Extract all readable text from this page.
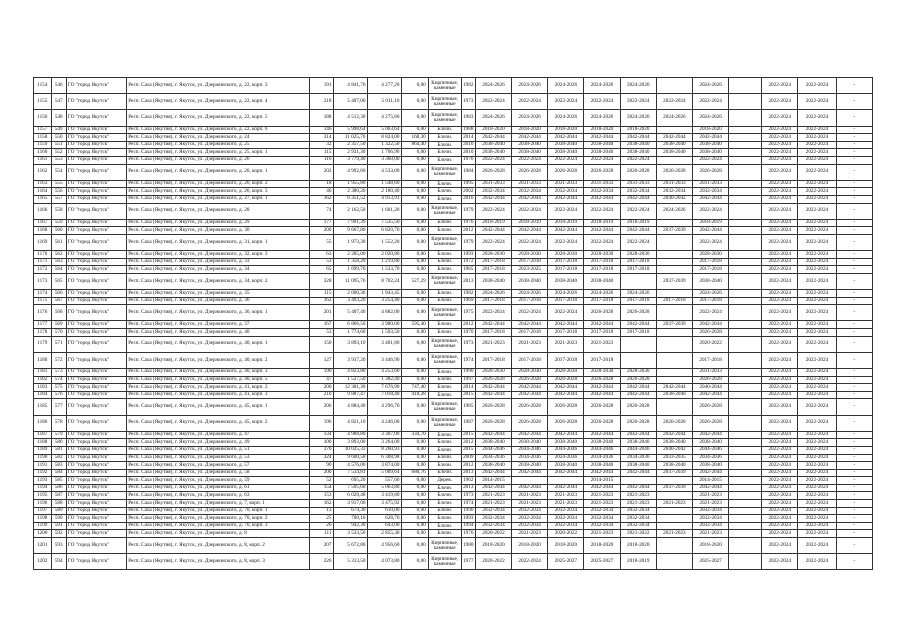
1154	546	ГО "город Якутск"	Респ. Саха (Якутия), г. Якутск, ул. Дзержинского, д. 22, корп. 3	191	4 841,70	4 277,20	0,00	Кирпичные, каменные	1982	2024-2026	2024-2026	2024-2026	2024-2026	2024-2026		2024-2026		2022-2024	2022-2024	-
1155	547	ГО "город Якутск"	Респ. Саха (Якутия), г. Якутск, ул. Дзержинского, д. 22, корп. 4	218	5 407,00	5 011,10	0,00	Кирпичные, каменные	1973	2022-2024	2022-2024	2022-2024	2022-2024	2022-2024	2022-2024	2022-2024		2022-2024	2022-2024	-
1156	548	ГО "город Якутск"	Респ. Саха (Якутия), г. Якутск, ул. Дзержинского, д. 22, корп. 5	188	4 512,30	4 275,60	0,00	Кирпичные, каменные	1983	2024-2026	2024-2026	2024-2026	2024-2026	2024-2026	2024-2026	2024-2026		2022-2024	2022-2024	-
1157	549	ГО "город Якутск"	Респ. Саха (Якутия), г. Якутск, ул. Дзержинского, д. 22, корп. 6	146	5 998,64	5 063,64	0,00	Блочн.	1988	2018-2020	2018-2020	2018-2020	2018-2020	2018-2020		2018-2020		2022-2024	2022-2024	-
1158	550	ГО "город Якутск"	Респ. Саха (Якутия), г. Якутск, ул. Дзержинского, д. 24	314	11 025,70	8 824,00	168,30	Блочн.	2014	2042-2044	2042-2044	2042-2044	2042-2044	2042-2044	2042-2044	2042-2044		2022-2024	2022-2024	-
1159	551	ГО "город Якутск"	Респ. Саха (Якутия), г. Якутск, ул. Дзержинского, д. 25	32	2 357,50	1 322,50	864,40	Блочн.	2010	2038-2040	2038-2040	2038-2040	2038-2040	2038-2040	2038-2040	2038-2040		2022-2024	2022-2024	-
1160	552	ГО "город Якутск"	Респ. Саха (Якутия), г. Якутск, ул. Дзержинского, д. 25, корп. 1	115	2 931,30	1 706,90	0,00	Блочн.	2010	2038-2040	2038-2040	2038-2040	2038-2040	2038-2040	2038-2040	2038-2040		2022-2024	2022-2024	-
1161	553	ГО "город Якутск"	Респ. Саха (Якутия), г. Якутск, ул. Дзержинского, д. 26	116	3 779,40	3 360,00	0,00	Блочн.	1976	2022-2024	2022-2024	2022-2024	2022-2024	2022-2024		2022-2024		2022-2024	2022-2024	-
1162	554	ГО "город Якутск"	Респ. Саха (Якутия), г. Якутск, ул. Дзержинского, д. 26, корп. 1	202	4 992,60	4 533,00	0,00	Кирпичные, каменные	1984	2026-2028	2026-2028	2026-2028	2026-2028	2026-2028	2026-2028	2026-2028		2022-2024	2022-2024	-
1163	555	ГО "город Якутск"	Респ. Саха (Якутия), г. Якутск, ул. Дзержинского, д. 26, корп. 2	18	1 955,80	1 548,60	0,00	Блочн.	1995	2031-2033	2031-2033	2031-2033	2031-2033	2031-2033	2031-2033	2031-2033		2022-2024	2022-2024	-
1164	556	ГО "город Якутск"	Респ. Саха (Якутия), г. Якутск, ул. Дзержинского, д. 26, корп. 3	46	2 380,20	2 180,40	0,00	Блочн.	2002	2032-2034	2032-2034	2032-2034	2032-2034	2032-2034	2032-2034	2032-2034		2022-2024	2022-2024	-
1165	557	ГО "город Якутск"	Респ. Саха (Якутия), г. Якутск, ул. Дзержинского, д. 27, корп. 1	162	6 351,52	4 913,91	0,00	Блочн.	2016	2042-2044	2042-2044	2042-2044	2042-2044	2042-2044	2040-2042	2042-2044		2022-2024	2022-2024	-
1166	558	ГО "город Якутск"	Респ. Саха (Якутия), г. Якутск, ул. Дзержинского, д. 28	74	2 162,50	1 601,20	0,00	Кирпичные, каменные	1979	2022-2024	2022-2024	2022-2024	2022-2024	2022-2024	2024-2026	2022-2024		2022-2024	2022-2024	-
1167	559	ГО "город Якутск"	Респ. Саха (Якутия), г. Якутск, ул. Дзержинского, д. 29	177	7 991,39	7 535,50	0,00	Блочн.	1976	2018-2019	2018-2019	2018-2019	2018-2019	2018-2019		2018-2019		2022-2024	2022-2024	-
1168	560	ГО "город Якутск"	Респ. Саха (Якутия), г. Якутск, ул. Дзержинского, д. 30	200	9 667,80	6 820,70	0,00	Блочн.	2012	2042-2044	2042-2044	2042-2044	2042-2044	2042-2044	2037-2039	2042-2044		2022-2024	2022-2024	-
1169	561	ГО "город Якутск"	Респ. Саха (Якутия), г. Якутск, ул. Дзержинского, д. 31, корп. 1	55	1 973,30	1 552,20	0,00	Кирпичные, каменные	1979	2022-2024	2022-2024	2022-2024	2022-2024	2022-2024		2022-2024		2022-2024	2022-2024	-
1170	562	ГО "город Якутск"	Респ. Саха (Якутия), г. Якутск, ул. Дзержинского, д. 32, корп. 3	63	2 285,00	2 020,80	0,00	Блочн.	1993	2028-2030	2028-2030	2028-2030	2028-2030	2028-2030		2028-2030		2022-2024	2022-2024	-
1171	563	ГО "город Якутск"	Респ. Саха (Якутия), г. Якутск, ул. Дзержинского, д. 33	53	1 358,20	1 219,80	0,00	Блочн.	1972	2017-2018	2017-2018	2017-2018	2017-2018	2017-2018		2017-2018		2022-2024	2022-2024	-
1172	564	ГО "город Якутск"	Респ. Саха (Якутия), г. Якутск, ул. Дзержинского, д. 34	65	1 699,70	1 533,70	0,00	Блочн.	1965	2017-2018	2023-2025	2017-2018	2017-2018	2017-2018		2017-2018		2022-2024	2022-2024	-
1173	565	ГО "город Якутск"	Респ. Саха (Якутия), г. Якутск, ул. Дзержинского, д. 34, корп. 2	328	11 095,76	8 702,24	527,29	Кирпичные, каменные	2013	2038-2040	2038-2040	2038-2040	2038-2040		2037-2039	2038-2040		2022-2024	2022-2024	-
1174	566	ГО "город Якутск"	Респ. Саха (Якутия), г. Якутск, ул. Дзержинского, д. 35	115	2 000,36	1 943,45	0,00	Блочн.	1982	2024-2026	2024-2026	2024-2026	2024-2026	2024-2026		2024-2026		2022-2024	2022-2024	-
1175	567	ГО "город Якутск"	Респ. Саха (Якутия), г. Якутск, ул. Дзержинского, д. 36	162	3 493,20	3 254,40	0,00	Блочн.	1969	2017-2018	2017-2018	2017-2018	2017-2018	2017-2018	2017-2018	2017-2018		2022-2024	2022-2024	-
1176	568	ГО "город Якутск"	Респ. Саха (Якутия), г. Якутск, ул. Дзержинского, д. 36, корп. 1	201	5 407,40	4 882,00	0,00	Кирпичные, каменные	1975	2022-2024	2022-2024	2022-2024	2026-2028	2026-2028		2022-2024		2022-2024	2022-2024	-
1177	569	ГО "город Якутск"	Респ. Саха (Якутия), г. Якутск, ул. Дзержинского, д. 37	167	6 866,50	3 980,00	595,40	Блочн.	2012	2042-2044	2042-2044	2042-2044	2042-2044	2042-2044	2037-2039	2042-2044		2022-2024	2022-2024	-
1178	570	ГО "город Якутск"	Респ. Саха (Якутия), г. Якутск, ул. Дзержинского, д. 40	53	1 774,60	1 593,50	0,00	Блочн.	1970	2017-2018	2017-2018	2017-2018	2017-2018	2017-2018		2026-2028		2022-2024	2022-2024	-
1179	571	ГО "город Якутск"	Респ. Саха (Якутия), г. Якутск, ул. Дзержинского, д. 40, корп. 1	150	3 893,10	3 401,80	0,00	Кирпичные, каменные	1973	2021-2023	2021-2023	2021-2023	2021-2023			2020-2022		2022-2024	2022-2024	-
1180	572	ГО "город Якутск"	Респ. Саха (Якутия), г. Якутск, ул. Дзержинского, д. 40, корп. 2	127	3 937,20	3 446,90	0,00	Кирпичные, каменные	1974	2017-2018	2017-2018	2017-2018	2017-2018			2017-2018		2022-2024	2022-2024	-
1181	573	ГО "город Якутск"	Респ. Саха (Якутия), г. Якутск, ул. Дзержинского, д. 40, корп. 3	190	4 823,80	4 253,60	0,00	Блочн.	1990	2028-2030	2028-2030	2028-2030	2028-2030	2028-2030		2031-2033		2022-2024	2022-2024	-
1182	574	ГО "город Якутск"	Респ. Саха (Якутия), г. Якутск, ул. Дзержинского, д. 40, корп. 5	47	1 527,50	1 382,40	0,00	Блочн.	1997	2026-2028	2026-2028	2026-2028	2026-2028	2026-2028		2026-2028		2022-2024	2022-2024	-
1183	575	ГО "город Якутск"	Респ. Саха (Якутия), г. Якутск, ул. Дзержинского, д. 41, корп. 2	200	12 381,30	7 676,90	747,40	Блочн.	2014	2042-2044	2042-2044	2042-2044	2042-2044	2042-2044	2042-2044	2040-2044		2022-2024	2022-2024	-
1184	576	ГО "город Якутск"	Респ. Саха (Якутия), г. Якутск, ул. Дзержинского, д. 41, корп. 3	210	9 887,47	7 018,40	418,28	Блочн.	2015	2042-2044	2042-2044	2042-2044	2042-2044	2042-2044	2038-2040	2042-2044		2022-2024	2022-2024	-
1185	577	ГО "город Якутск"	Респ. Саха (Якутия), г. Якутск, ул. Дзержинского, д. 45, корп. 1	206	4 884,40	4 296,70	0,00	Кирпичные, каменные	1985	2026-2028	2026-2028	2026-2028	2026-2028	2026-2028		2026-2028		2022-2024	2022-2024	-
1186	578	ГО "город Якутск"	Респ. Саха (Якутия), г. Якутск, ул. Дзержинского, д. 45, корп. 2	196	4 821,10	4 246,00	0,00	Кирпичные, каменные	1987	2026-2028	2026-2028	2026-2028	2026-2028	2026-2028	2026-2028	2026-2028		2022-2024	2022-2024	-
1187	579	ГО "город Якутск"	Респ. Саха (Якутия), г. Якутск, ул. Дзержинского, д. 47	134	4 988,80	3 307,00	334,70	Блочн.	2015	2042-2044	2042-2044	2042-2044	2042-2044	2042-2044	2042-2044	2042-2044		2022-2024	2022-2024	-
1188	580	ГО "город Якутск"	Респ. Саха (Якутия), г. Якутск, ул. Дзержинского, д. 49	100	3 893,00	3 264,00	0,00	Блочн.	2012	2038-2040	2038-2040	2038-2040	2038-2040	2038-2040	2038-2040	2038-2040		2022-2024	2022-2024	-
1189	581	ГО "город Якутск"	Респ. Саха (Якутия), г. Якутск, ул. Дзержинского, д. 51	376	10 025,33	8 260,93	0,00	Блочн.	2015	2044-2046	2044-2046	2044-2046	2044-2046	2044-2046	2040-2042	2044-2046		2022-2024	2022-2024	-
1190	582	ГО "город Якутск"	Респ. Саха (Якутия), г. Якутск, ул. Дзержинского, д. 53	324	9 600,58	6 308,98	0,00	Блочн.	2009	2034-2036	2034-2036	2034-2036	2034-2036	2034-2036	2033-2035	2034-2036		2022-2024	2022-2024	-
1191	583	ГО "город Якутск"	Респ. Саха (Якутия), г. Якутск, ул. Дзержинского, д. 57	90	4 576,00	3 874,00	0,00	Блочн.	2012	2038-2040	2038-2040	2038-2040	2038-2040	2038-2040	2038-2040	2038-2040		2022-2024	2022-2024	-
1192	584	ГО "город Якутск"	Респ. Саха (Якутия), г. Якутск, ул. Дзержинского, д. 58	200	7 534,81	5 009,64	680,76	Блочн.	2013	2042-2044	2042-2044	2042-2044	2042-2044	2042-2044	2037-2039	2042-2044		2022-2024	2022-2024	-
1193	585	ГО "город Якутск"	Респ. Саха (Якутия), г. Якутск, ул. Дзержинского, д. 59	52	695,20	557,60	0,00	Дерев.	1962	2014-2015			2014-2015			2014-2015		2022-2024	2022-2024	-
1194	586	ГО "город Якутск"	Респ. Саха (Якутия), г. Якутск, ул. Дзержинского, д. 61	154	7 595,60	5 063,80	0,00	Блочн.	2013	2042-2044	2042-2044	2042-2044	2042-2044	2042-2044	2037-2039	2042-2044		2022-2024	2022-2024	-
1195	587	ГО "город Якутск"	Респ. Саха (Якутия), г. Якутск, ул. Дзержинского, д. 63	153	6 028,48	3 419,80	0,00	Блочн.	1973	2021-2023	2021-2023	2021-2023	2021-2023	2021-2023		2021-2023		2022-2024	2022-2024	-
1196	588	ГО "город Якутск"	Респ. Саха (Якутия), г. Якутск, ул. Дзержинского, д. 7, корп. 1	162	3 917,00	3 475,92	0,00	Блочн.	1974	2021-2023	2021-2023	2021-2023	2021-2023	2021-2023	2021-2023	2021-2023		2022-2024	2022-2024	-
1197	589	ГО "город Якутск"	Респ. Саха (Якутия), г. Якутск, ул. Дзержинского, д. 70, корп. 1	13	674,30	610,00	0,00	Блочн.	1990	2032-2034	2032-2034	2032-2034	2032-2034	2032-2034		2032-2034		2022-2024	2022-2024	-
1198	590	ГО "город Якутск"	Респ. Саха (Якутия), г. Якутск, ул. Дзержинского, д. 70, корп. 2	25	700,10	628,70	0,00	Блочн.	1993	2032-2034	2032-2034	2032-2034	2032-2034	2032-2034		2032-2034		2022-2024	2022-2024	-
1199	591	ГО "город Якутск"	Респ. Саха (Якутия), г. Якутск, ул. Дзержинского, д. 70, корп. 3	26	942,30	643,00	0,00	Блочн.	1994	2032-2034	2032-2034	2032-2034	2032-2034	2032-2034		2032-2034		2022-2024	2022-2024	-
1200	592	ГО "город Якутск"	Респ. Саха (Якутия), г. Якутск, ул. Дзержинского, д. 8	111	3 533,50	2 855,30	0,00	Блочн.	1976	2020-2022	2021-2023	2020-2022	2021-2023	2021-2022	2021-2023	2021-2023		2022-2024	2022-2024	-
1201	593	ГО "город Якутск"	Респ. Саха (Якутия), г. Якутск, ул. Дзержинского, д. 8, корп. 2	207	5 672,80	4 956,60	0,00	Кирпичные, каменные	1980	2018-2020	2018-2020	2018-2020	2018-2020	2018-2020		2018-2020		2022-2024	2022-2024	-
1202	594	ГО "город Якутск"	Респ. Саха (Якутия), г. Якутск, ул. Дзержинского, д. 8, корп. 3	226	5 313,50	4 073,80	0,00	Кирпичные, каменные	1977	2020-2022	2022-2024	2025-2027	2025-2027	2018-2019		2025-2027		2022-2024	2022-2024	-
